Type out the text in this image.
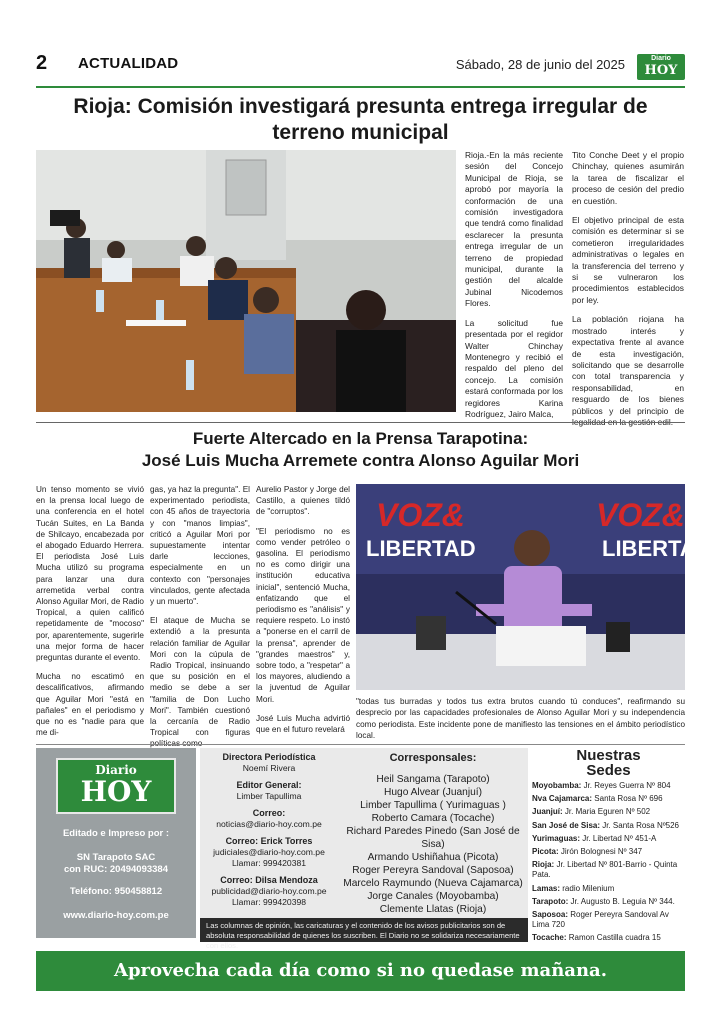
2 ACTUALIDAD	Sábado, 28 de junio del 2025	Diario
HOY
Rioja: Comisión investigará presunta entrega irregular de terreno municipal

Rioja.-En la más reciente sesión del Concejo Municipal de Rioja, se aprobó por mayoría la conformación de una comisión investigadora que tendrá como finalidad esclarecer la presunta entrega irregular de un terreno de propiedad municipal, durante la gestión del alcalde Jubinal Nicodemos Flores.

La solicitud fue presentada por el regidor Walter Chinchay Montenegro y recibió el respaldo del pleno del concejo. La comisión estará conformada por los regidores Karina Rodríguez, Jairo Malca,

Tito Conche Deet y el propio Chinchay, quienes asumirán la tarea de fiscalizar el proceso de cesión del predio en cuestión.

El objetivo principal de esta comisión es determinar si se cometieron irregularidades administrativas o legales en la transferencia del terreno y si se vulneraron los procedimientos establecidos por ley.

La población riojana ha mostrado interés y expectativa frente al avance de esta investigación, solicitando que se desarrolle con total transparencia y responsabilidad, en resguardo de los bienes públicos y del principio de legalidad en la gestión edil.

Fuerte Altercado en la Prensa Tarapotina:
José Luis Mucha Arremete contra Alonso Aguilar Mori

Un tenso momento se vivió en la prensa local luego de una conferencia en el hotel Tucán Suites, en La Banda de Shilcayo, encabezada por el abogado Eduardo Herrera. El periodista José Luis Mucha utilizó su programa para lanzar una dura arremetida verbal contra Alonso Aguilar Mori, de Radio Tropical, a quien calificó repetidamente de "mocoso" por, aparentemente, sugerirle una mejor forma de hacer preguntas durante el evento.

Mucha no escatimó en descalificativos, afirmando que Aguilar Mori "está en pañales" en el periodismo y que no es "nadie para que me di-

gas, ya haz la pregunta". El experimentado periodista, con 45 años de trayectoria y con "manos limpias", criticó a Aguilar Mori por supuestamente intentar darle lecciones, especialmente en un contexto con "personajes vinculados, gente afectada y un muerto".

El ataque de Mucha se extendió a la presunta relación familiar de Aguilar Mori con la cúpula de Radio Tropical, insinuando que su posición en el medio se debe a ser "familia de Don Lucho Mori". También cuestionó la cercanía de Radio Tropical con figuras políticas como

Aurelio Pastor y Jorge del Castillo, a quienes tildó de "corruptos".

"El periodismo no es como vender petróleo o gasolina. El periodismo no es como dirigir una institución educativa inicial", sentenció Mucha, enfatizando que el periodismo es "análisis" y requiere respeto. Lo instó a "ponerse en el carril de la prensa", aprender de "grandes maestros" y, sobre todo, a "respetar" a los mayores, aludiendo a la juventud de Aguilar Mori.

José Luis Mucha advirtió que en el futuro revelará

VOZ&
LIBERTAD
VOZ&
LIBERTAD
"todas tus burradas y todos tus extra brutos cuando tú conduces", reafirmando su desprecio por las capacidades profesionales de Alonso Aguilar Mori y su independencia como periodista. Este incidente pone de manifiesto las tensiones en el ámbito periodístico local.
Diario
HOY
Editado e Impreso por :
SN Tarapoto SAC
con RUC: 20494093384
Teléfono: 950458812
www.diario-hoy.com.pe
Directora Periodística
Noemí Rivera
Editor General:
Limber Tapullima
Correo:
noticias@diario-hoy.com.pe
Correo: Erick Torres
judiciales@diario-hoy.com.pe
Llamar: 999420381
Correo: Dilsa Mendoza
publicidad@diario-hoy.com.pe
Llamar: 999420398
Corresponsales:
Heil Sangama (Tarapoto)
Hugo Alvear (Juanjuí)
Limber Tapullima ( Yurimaguas )
Roberto Camara (Tocache)
Richard Paredes Pinedo (San José de Sisa)
Armando Ushiñahua (Picota)
Roger Pereyra Sandoval (Saposoa)
Marcelo Raymundo (Nueva Cajamarca)
Jorge Canales (Moyobamba)
Clemente Llatas (Rioja)
Las columnas de opinión, las caricaturas y el contenido de los avisos publicitarios son de absoluta responsabilidad de quienes los suscriben. El Diario no se solidariza necesariamente con ellos.
Nuestras
Sedes
Moyobamba: Jr. Reyes Guerra Nº 804
Nva Cajamarca: Santa Rosa Nº 696
Juanjuí: Jr. Maria Eguren Nº 502
San José de Sisa: Jr. Santa Rosa Nº526
Yurimaguas: Jr. Libertad Nº 451-A
Picota: Jirón Bolognesi Nº 347
Rioja: Jr. Libertad Nº 801-Barrio - Quinta Pata.
Lamas: radio Milenium
Tarapoto: Jr. Augusto B. Leguia Nº 344.
Saposoa: Roger Pereyra Sandoval Av Lima 720
Tocache: Ramon Castilla cuadra 15
Aprovecha cada día como si no quedase mañana.
